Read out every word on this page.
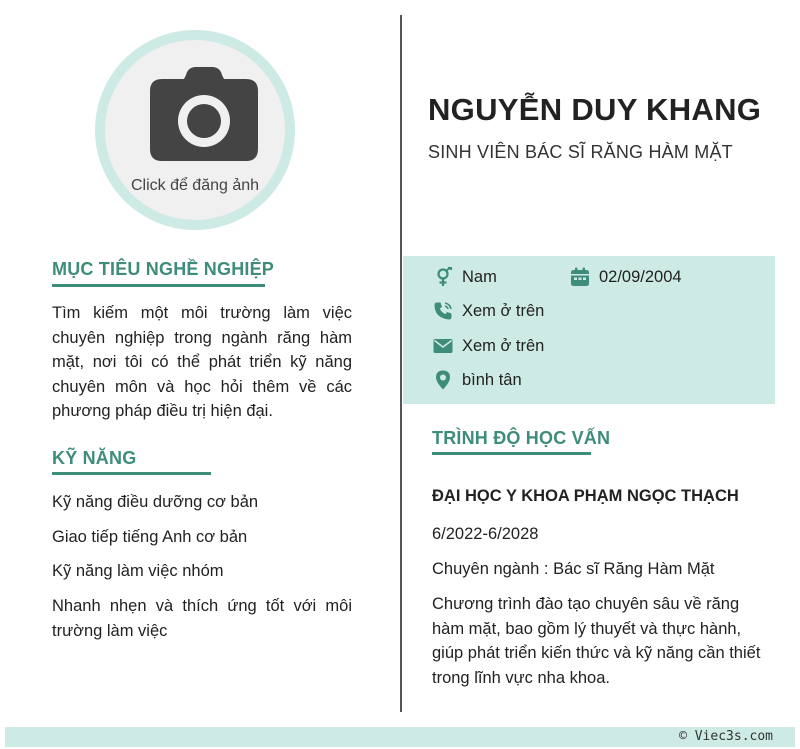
Click để đăng ảnh
MỤC TIÊU NGHỀ NGHIỆP

Tìm kiếm một môi trường làm việc chuyên nghiệp trong ngành răng hàm mặt, nơi tôi có thể phát triển kỹ năng chuyên môn và học hỏi thêm về các phương pháp điều trị hiện đại.

KỸ NĂNG

Kỹ năng điều dưỡng cơ bản

Giao tiếp tiếng Anh cơ bản

Kỹ năng làm việc nhóm

Nhanh nhẹn và thích ứng tốt với môi trường làm việc

NGUYỄN DUY KHANG
SINH VIÊN BÁC SĨ RĂNG HÀM MẶT
Nam	02/09/2004
Xem ở trên
Xem ở trên
bình tân
TRÌNH ĐỘ HỌC VẤN
ĐẠI HỌC Y KHOA PHẠM NGỌC THẠCH

6/2022-6/2028

Chuyên ngành : Bác sĩ Răng Hàm Mặt

Chương trình đào tạo chuyên sâu về răng hàm mặt, bao gồm lý thuyết và thực hành, giúp phát triển kiến thức và kỹ năng cần thiết trong lĩnh vực nha khoa.

© Viec3s.com
